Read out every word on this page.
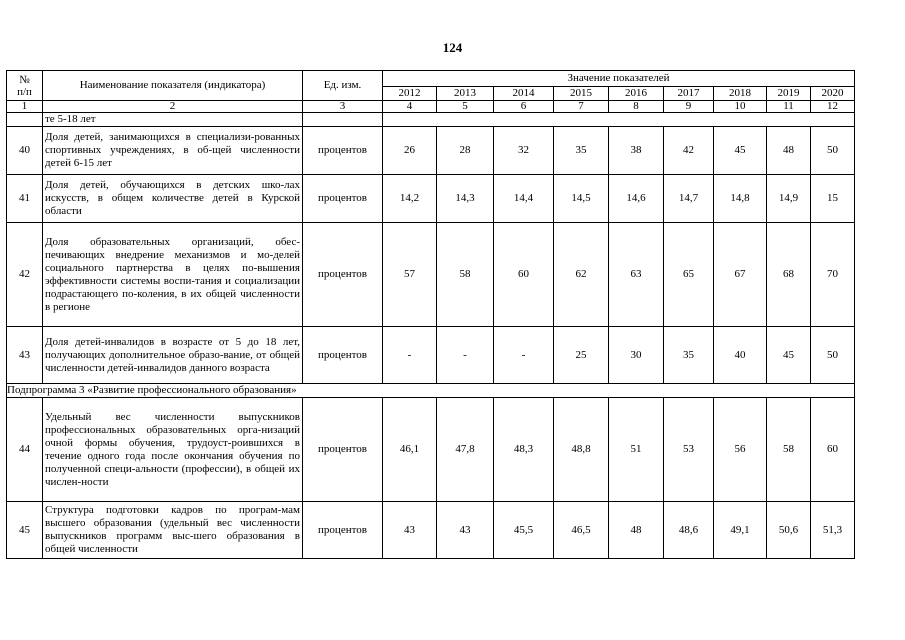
124
№
п/п	Наименование показателя (индикатора)	Ед. изм.	Значение показателей								
			2012	2013	2014	2015	2016	2017	2018	2019	2020
1	2	3	4	5	6	7	8	9	10	11	12
	те 5-18 лет										
40	Доля детей, занимающихся в специализи-рованных спортивных учреждениях, в об-щей численности детей 6-15 лет	процентов	26	28	32	35	38	42	45	48	50
41	Доля детей, обучающихся в детских шко-лах искусств, в общем количестве детей в Курской области	процентов	14,2	14,3	14,4	14,5	14,6	14,7	14,8	14,9	15
42	Доля образовательных организаций, обес-печивающих внедрение механизмов и мо-делей социального партнерства в целях по-вышения эффективности системы воспи-тания и социализации подрастающего по-коления, в их общей численности в регионе	процентов	57	58	60	62	63	65	67	68	70
43	Доля детей-инвалидов в возрасте от 5 до 18 лет, получающих дополнительное образо-вание, от общей численности детей-инвалидов данного возраста	процентов	-	-	-	25	30	35	40	45	50
Подпрограмма 3 «Развитие профессионального образования»											
44	Удельный вес численности выпускников профессиональных образовательных орга-низаций очной формы обучения, трудоуст-роившихся в течение одного года после окончания обучения по полученной специ-альности (профессии), в общей их числен-ности	процентов	46,1	47,8	48,3	48,8	51	53	56	58	60
45	Структура подготовки кадров по програм-мам высшего образования (удельный вес численности выпускников программ выс-шего образования в общей численности	процентов	43	43	45,5	46,5	48	48,6	49,1	50,6	51,3
